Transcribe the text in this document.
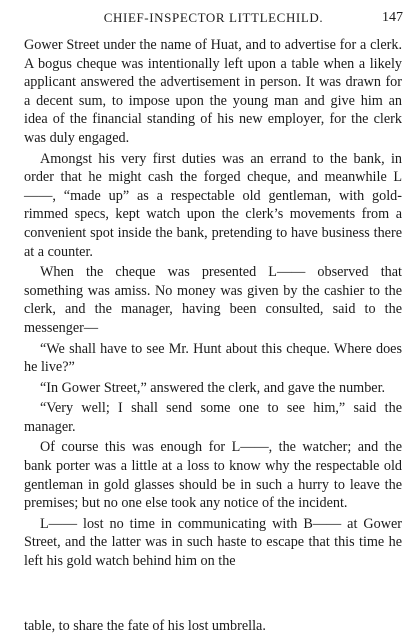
CHIEF-INSPECTOR LITTLECHILD.	147

Gower Street under the name of Huat, and to advertise for a clerk. A bogus cheque was intentionally left upon a table when a likely applicant answered the advertisement in person. It was drawn for a decent sum, to impose upon the young man and give him an idea of the financial standing of his new employer, for the clerk was duly engaged.

Amongst his very first duties was an errand to the bank, in order that he might cash the forged cheque, and meanwhile L——, “made up” as a respectable old gentleman, with gold-rimmed specs, kept watch upon the clerk’s movements from a convenient spot inside the bank, pretending to have business there at a counter.

When the cheque was presented L—— observed that something was amiss. No money was given by the cashier to the clerk, and the manager, having been consulted, said to the messenger—

“We shall have to see Mr. Hunt about this cheque. Where does he live?”

“In Gower Street,” answered the clerk, and gave the number.

“Very well; I shall send some one to see him,” said the manager.

Of course this was enough for L——, the watcher; and the bank porter was a little at a loss to know why the respectable old gentleman in gold glasses should be in such a hurry to leave the premises; but no one else took any notice of the incident.

L—— lost no time in communicating with B—— at Gower Street, and the latter was in such haste to escape that this time he left his gold watch behind him on the

table, to share the fate of his lost umbrella.
